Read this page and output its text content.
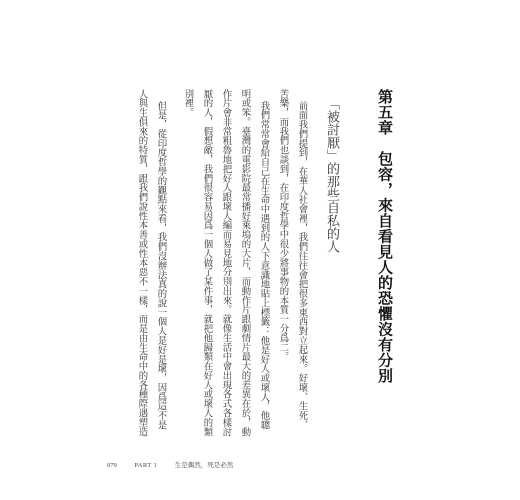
第五章　包容，來自看見人的恐懼沒有分別
「被討厭」的那些自私的人
前面我們提到，在華人社會裡，我們往往會把很多東西對立起來。好壞、生死、
苦樂，而我們也談到，在印度哲學中很少將事物的本質一分爲二。
我們常常會給自己在生命中遇到的人下意識地貼上標籤：他是好人或壞人，他聰
明或笨。臺灣的電影院最常播好萊塢的大片，而動作片跟劇情片最大的差異在於，動
作片會非常粗魯地把好人跟壞人編而易見地分別出來。就像生活中會出現各式各樣討
厭的人，假想敵，我們很容易因爲一個人做了某件事，就把他歸類在好人或壞人的類
別裡。
但是，從印度哲學的觀點來看，我們沒辦法真的說一個人是好是壞，因爲這不是
人與生俱來的特質，跟我們說性本善或性本惡不一樣，而是由生命中的各種際遇塑造
079	PART 1	生是偶然，死是必然
